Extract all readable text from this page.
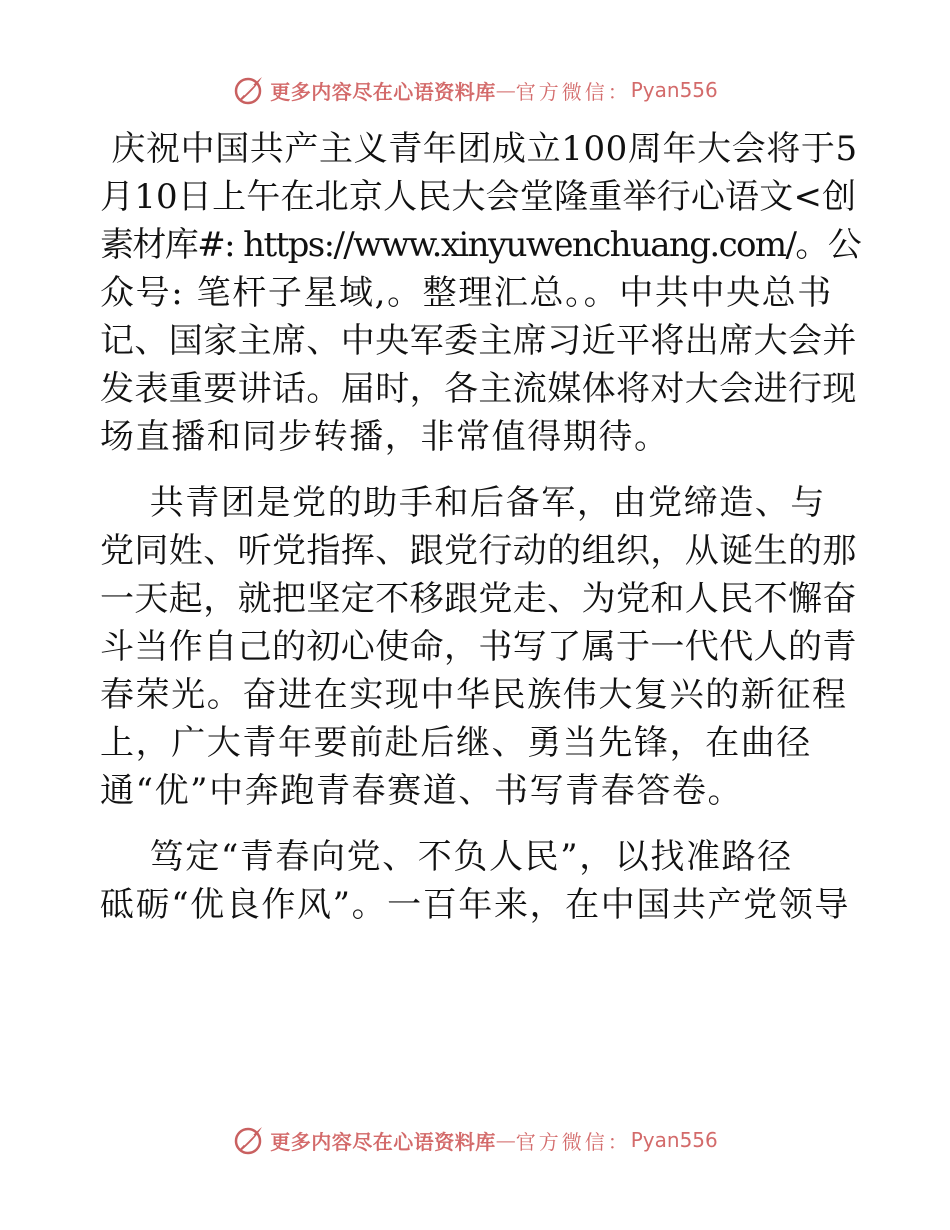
更多内容尽在心语资料库 — 官方微信： Pyan556
庆祝中国共产主义青年团成立100周年大会将于5
月10日上午在北京人民大会堂隆重举行心语文<创
素材库#: https://www.xinyuwenchuang.com/。公
众号: 笔杆子星域,。整理汇总。。中共中央总书
记、国家主席、中央军委主席习近平将出席大会并
发表重要讲话。届时，各主流媒体将对大会进行现
场直播和同步转播，非常值得期待。
共青团是党的助手和后备军，由党缔造、与
党同姓、听党指挥、跟党行动的组织，从诞生的那
一天起，就把坚定不移跟党走、为党和人民不懈奋
斗当作自己的初心使命，书写了属于一代代人的青
春荣光。奋进在实现中华民族伟大复兴的新征程
上，广大青年要前赴后继、勇当先锋，在曲径
通“优”中奔跑青春赛道、书写青春答卷。
笃定“青春向党、不负人民”，以找准路径
砥砺“优良作风”。一百年来，在中国共产党领导
更多内容尽在心语资料库 — 官方微信： Pyan556
